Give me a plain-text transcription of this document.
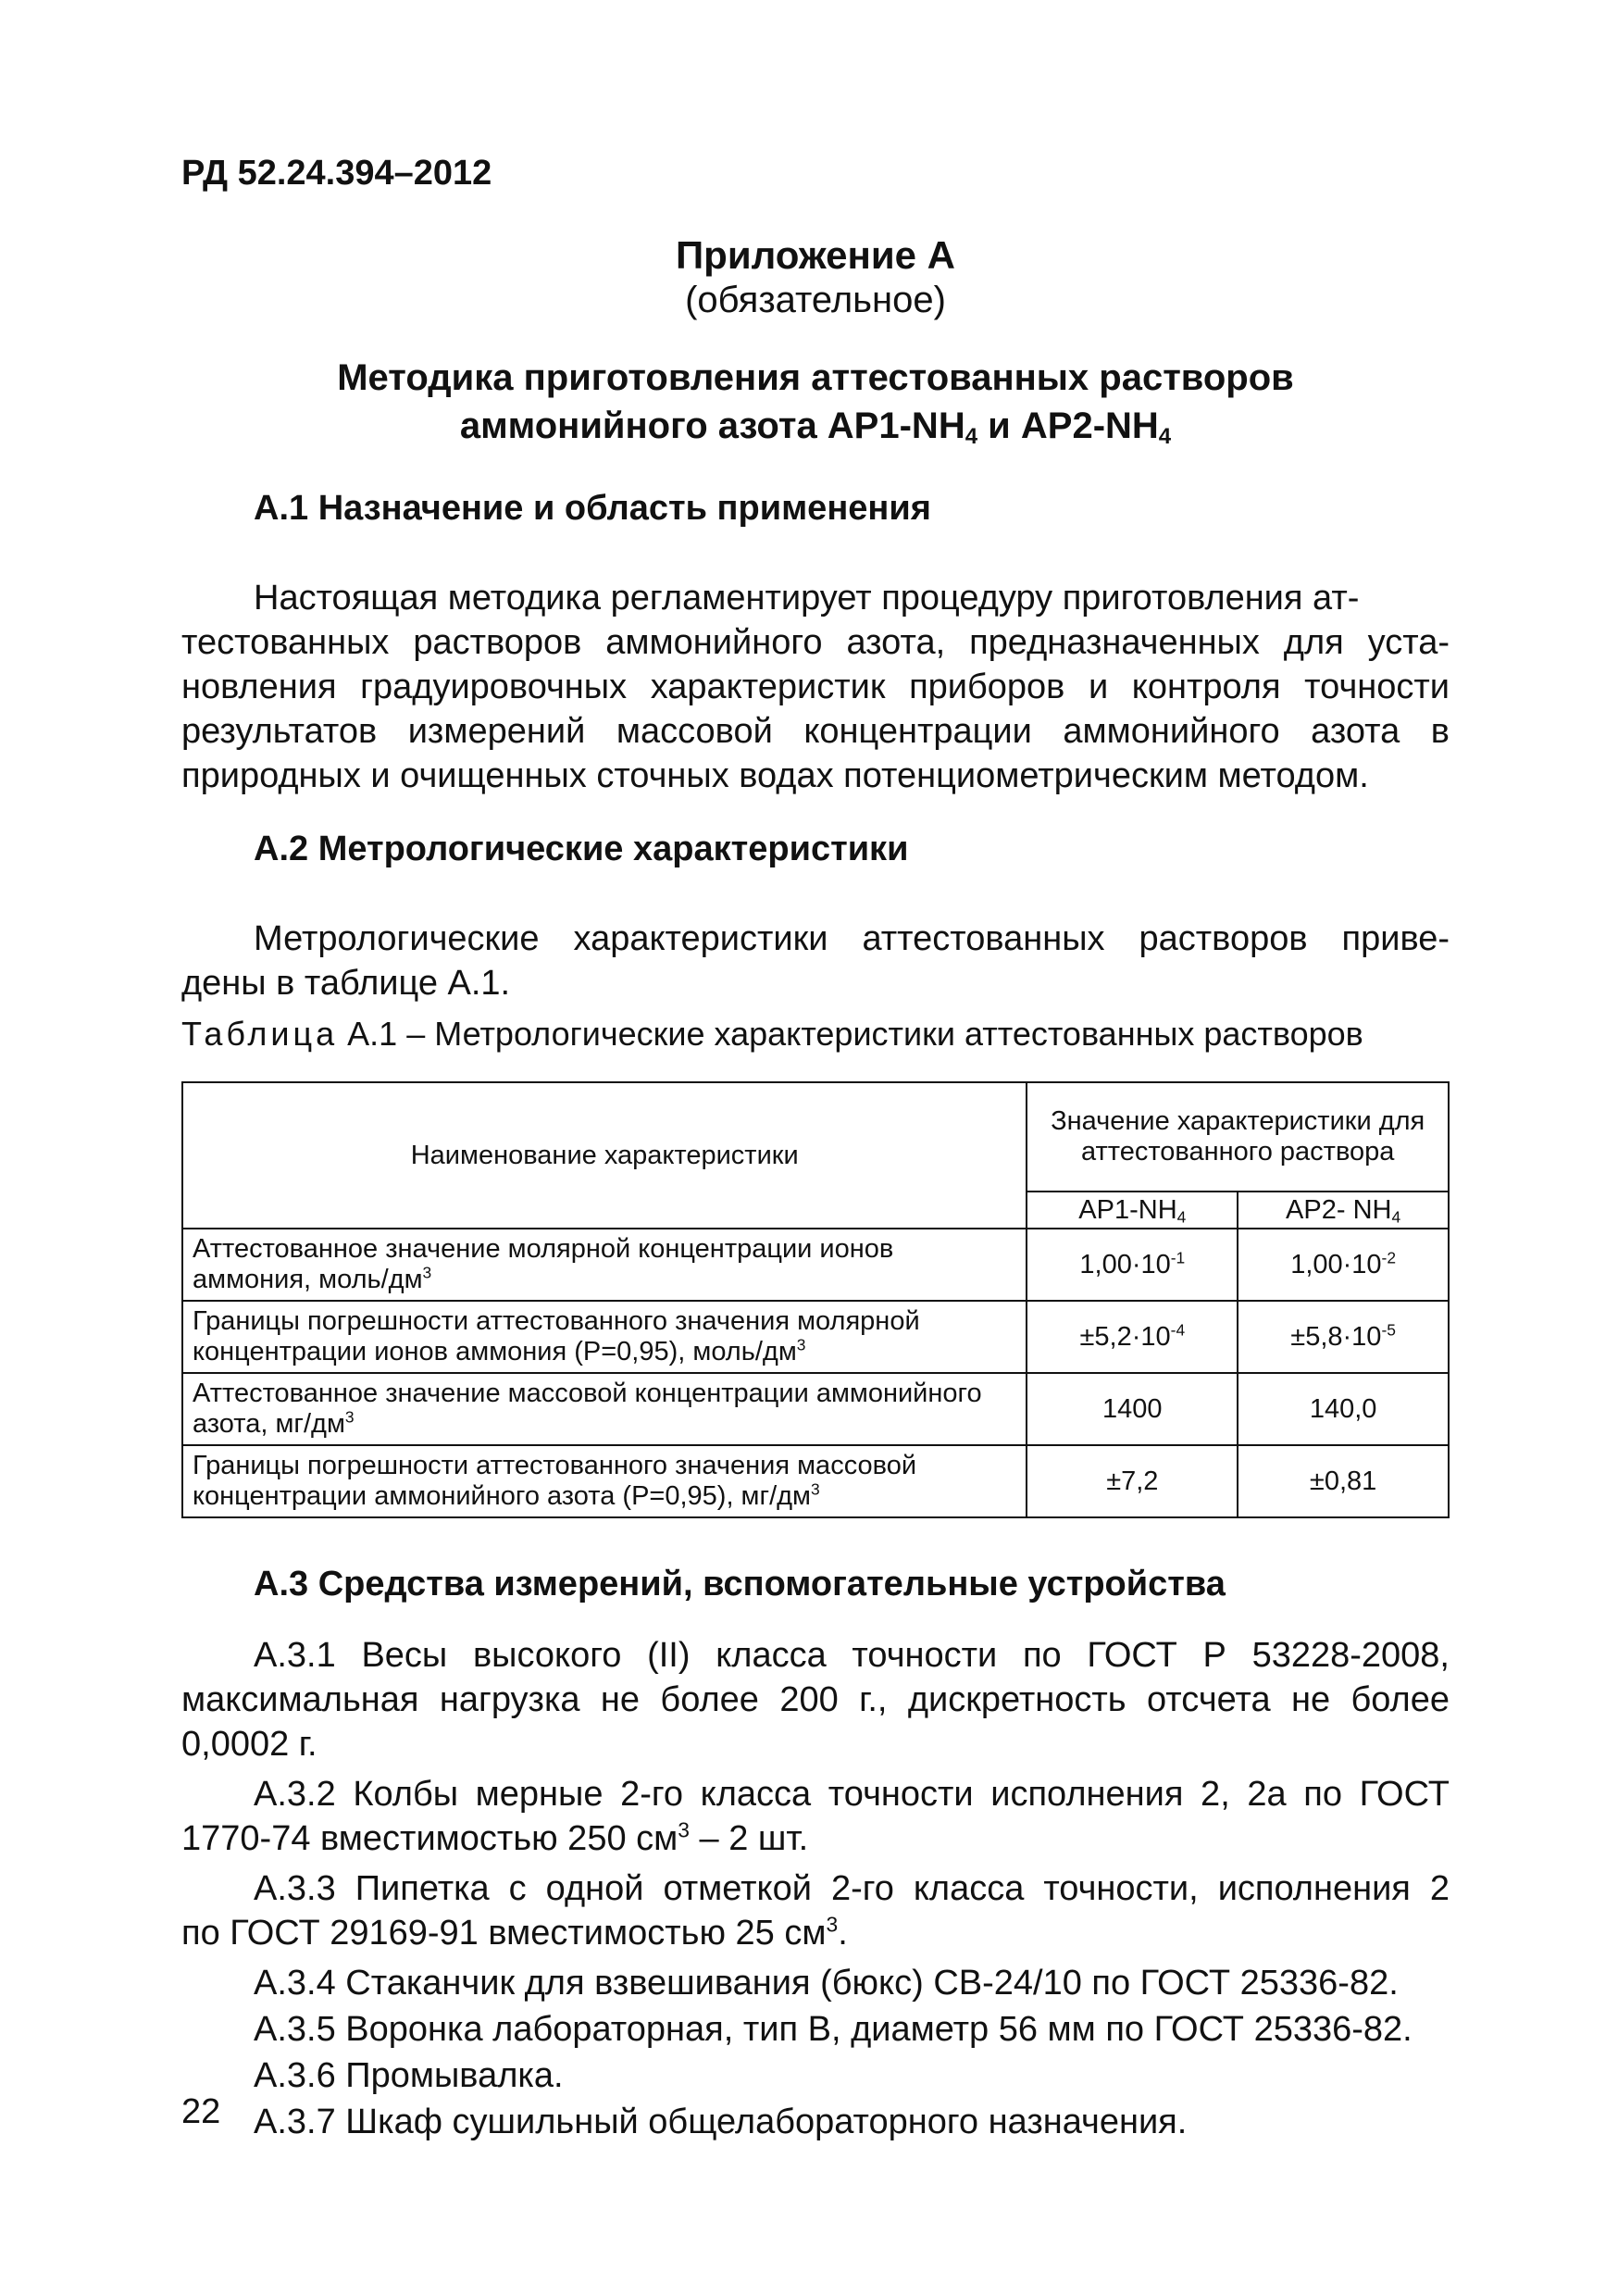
РД 52.24.394–2012
Приложение А
(обязательное)
Методика приготовления аттестованных растворов
аммонийного азота $АР1-NH_4$ и $АР2-NH_4$
А.1 Назначение и область применения
Настоящая методика регламентирует процедуру приготовления ат-
тестованных растворов аммонийного азота, предназначенных для уста-
новления градуировочных характеристик приборов и контроля точности
результатов измерений массовой концентрации аммонийного азота в
природных и очищенных сточных водах потенциометрическим методом.
А.2 Метрологические характеристики
Метрологические характеристики аттестованных растворов приве-
дены в таблице А.1.
Таблица А.1 – Метрологические характеристики аттестованных растворов
Наименование характеристики	Значение характеристики для аттестованного раствора	
	$АР1-NH_4$	АР2- $NH_4$
Аттестованное значение молярной концентрации ионов аммония, моль/$дм^3$	$1,00\cdot 10^{-1}$	$1,00\cdot 10^{-2}$
Границы погрешности аттестованного значения молярной концентрации ионов аммония (Р=0,95), моль/$дм^3$	$\pm 5,2\cdot 10^{-4}$	$\pm 5,8\cdot 10^{-5}$
Аттестованное значение массовой концентрации аммонийного азота, $мг/дм^3$	1400	140,0
Границы погрешности аттестованного значения массовой концентрации аммонийного азота (Р=0,95), $мг/дм^3$	±7,2	±0,81
А.3 Средства измерений, вспомогательные устройства
А.3.1 Весы высокого (II) класса точности по ГОСТ Р 53228-2008,
максимальная нагрузка не более 200 г., дискретность отсчета не более
0,0002 г.
А.3.2 Колбы мерные 2-го класса точности исполнения 2, 2а по ГОСТ
1770-74 вместимостью 250 $см^3 - 2$ шт.
А.3.3 Пипетка с одной отметкой 2-го класса точности, исполнения 2
по ГОСТ 29169-91 вместимостью 25 $см^3$.
А.3.4 Стаканчик для взвешивания (бюкс) СВ-24/10 по ГОСТ 25336-82.
А.3.5 Воронка лабораторная, тип В, диаметр 56 мм по ГОСТ 25336-82.
А.3.6 Промывалка.
А.3.7 Шкаф сушильный общелабораторного назначения.
22
